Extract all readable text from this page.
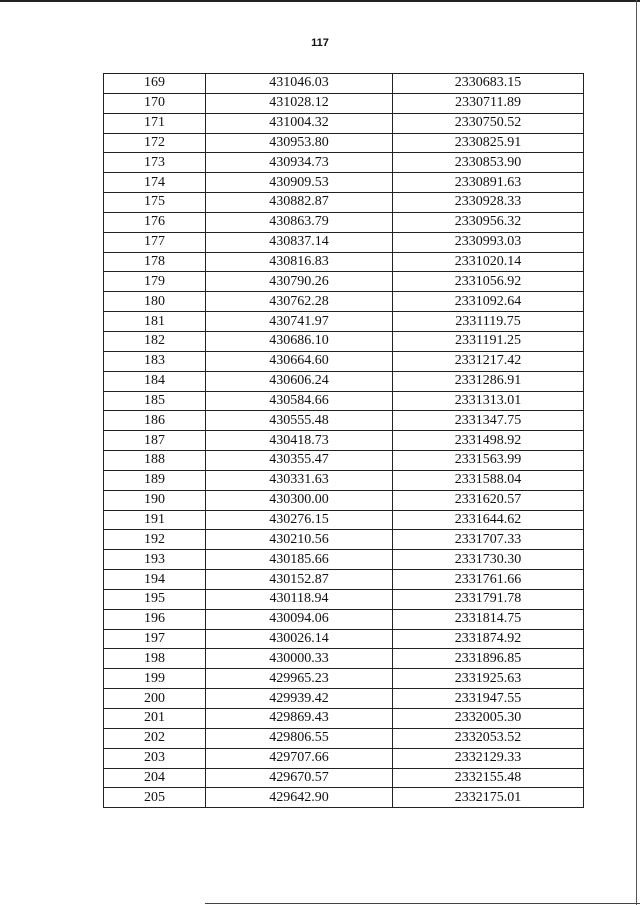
117
169	431046.03	2330683.15
170	431028.12	2330711.89
171	431004.32	2330750.52
172	430953.80	2330825.91
173	430934.73	2330853.90
174	430909.53	2330891.63
175	430882.87	2330928.33
176	430863.79	2330956.32
177	430837.14	2330993.03
178	430816.83	2331020.14
179	430790.26	2331056.92
180	430762.28	2331092.64
181	430741.97	2331119.75
182	430686.10	2331191.25
183	430664.60	2331217.42
184	430606.24	2331286.91
185	430584.66	2331313.01
186	430555.48	2331347.75
187	430418.73	2331498.92
188	430355.47	2331563.99
189	430331.63	2331588.04
190	430300.00	2331620.57
191	430276.15	2331644.62
192	430210.56	2331707.33
193	430185.66	2331730.30
194	430152.87	2331761.66
195	430118.94	2331791.78
196	430094.06	2331814.75
197	430026.14	2331874.92
198	430000.33	2331896.85
199	429965.23	2331925.63
200	429939.42	2331947.55
201	429869.43	2332005.30
202	429806.55	2332053.52
203	429707.66	2332129.33
204	429670.57	2332155.48
205	429642.90	2332175.01
